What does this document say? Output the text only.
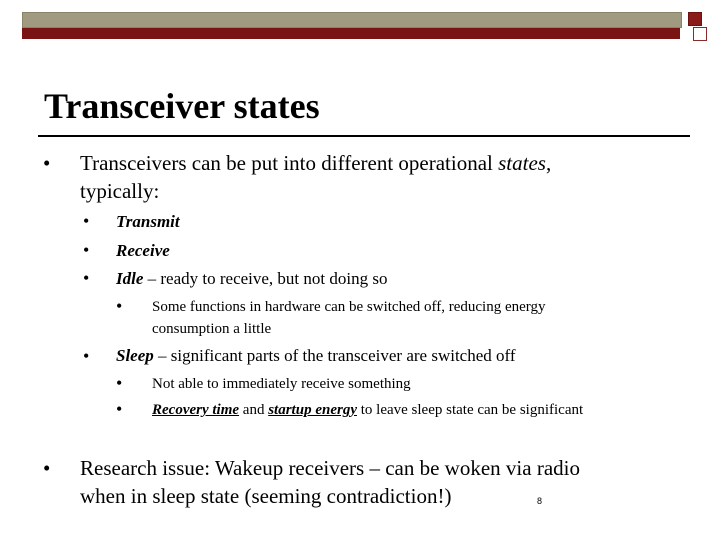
Transceiver states
• Transceivers can be put into different operational states,
typically:
• Transmit
• Receive
• Idle – ready to receive, but not doing so
• Some functions in hardware can be switched off, reducing energy
consumption a little
• Sleep – significant parts of the transceiver are switched off
• Not able to immediately receive something
• Recovery time and startup energy to leave sleep state can be significant
• Research issue: Wakeup receivers – can be woken via radio
when in sleep state (seeming contradiction!)	8
